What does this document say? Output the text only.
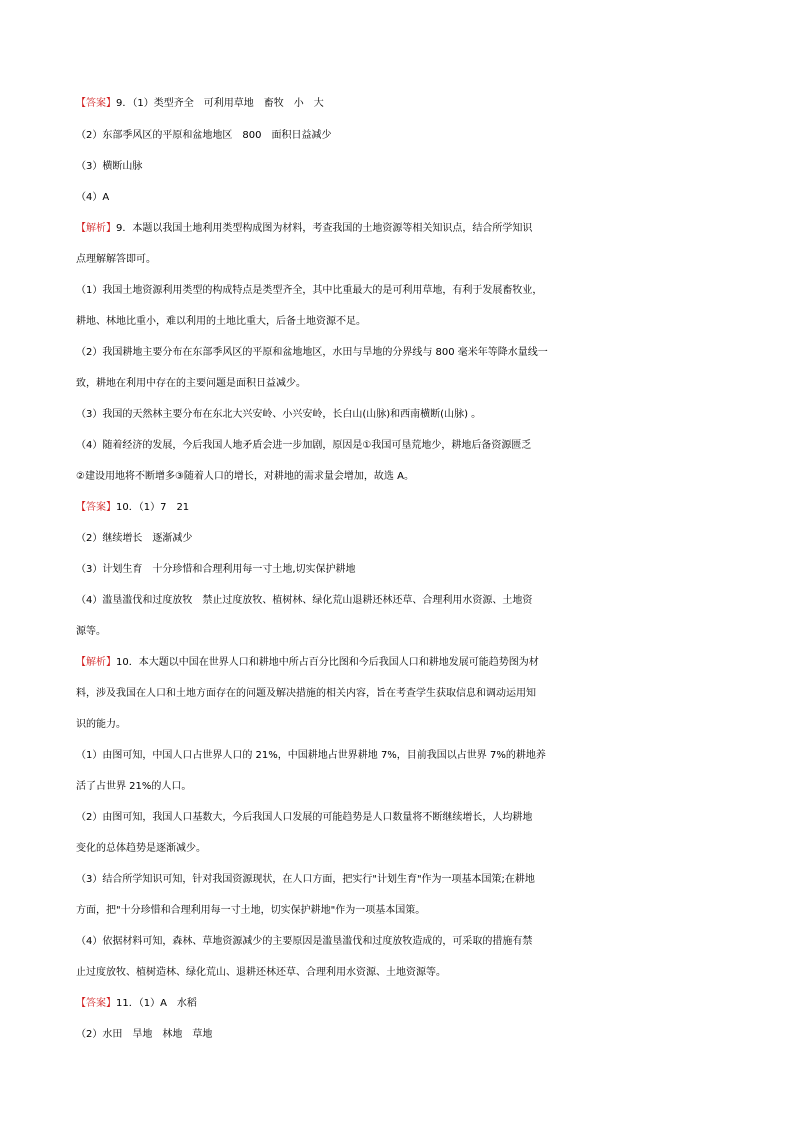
【答案】9．（1）类型齐全　可利用草地　畜牧　小　大
（2）东部季风区的平原和盆地地区　800　面积日益减少
（3）横断山脉
（4）A
【解析】9．本题以我国土地利用类型构成图为材料，考查我国的土地资源等相关知识点，结合所学知识
点理解解答即可。
（1）我国土地资源利用类型的构成特点是类型齐全，其中比重最大的是可利用草地，有利于发展畜牧业，
耕地、林地比重小，难以利用的土地比重大，后备土地资源不足。
（2）我国耕地主要分布在东部季风区的平原和盆地地区，水田与旱地的分界线与 800 毫米年等降水量线一
致，耕地在利用中存在的主要问题是面积日益减少。
（3）我国的天然林主要分布在东北大兴安岭、小兴安岭，长白山(山脉)和西南横断(山脉) 。
（4）随着经济的发展，今后我国人地矛盾会进一步加剧，原因是①我国可垦荒地少，耕地后备资源匮乏
②建设用地将不断增多③随着人口的增长，对耕地的需求量会增加，故选 A。
【答案】10．（1）7　21
（2）继续增长　逐渐减少
（3）计划生育　十分珍惜和合理利用每一寸土地,切实保护耕地
（4）滥垦滥伐和过度放牧　禁止过度放牧、植树林、绿化荒山退耕还林还草、合理利用水资源、土地资
源等。
【解析】10．本大题以中国在世界人口和耕地中所占百分比图和今后我国人口和耕地发展可能趋势图为材
料，涉及我国在人口和土地方面存在的问题及解决措施的相关内容，旨在考查学生获取信息和调动运用知
识的能力。
（1）由图可知，中国人口占世界人口的 21%，中国耕地占世界耕地 7%，目前我国以占世界 7%的耕地养
活了占世界 21%的人口。
（2）由图可知，我国人口基数大，今后我国人口发展的可能趋势是人口数量将不断继续增长，人均耕地
变化的总体趋势是逐渐减少。
（3）结合所学知识可知，针对我国资源现状，在人口方面，把实行"计划生育"作为一项基本国策;在耕地
方面，把"十分珍惜和合理利用每一寸土地，切实保护耕地"作为一项基本国策。
（4）依据材料可知，森林、草地资源减少的主要原因是滥垦滥伐和过度放牧造成的，可采取的措施有禁
止过度放牧、植树造林、绿化荒山、退耕还林还草、合理利用水资源、土地资源等。
【答案】11．（1）A　水稻
（2）水田　旱地　林地　草地
